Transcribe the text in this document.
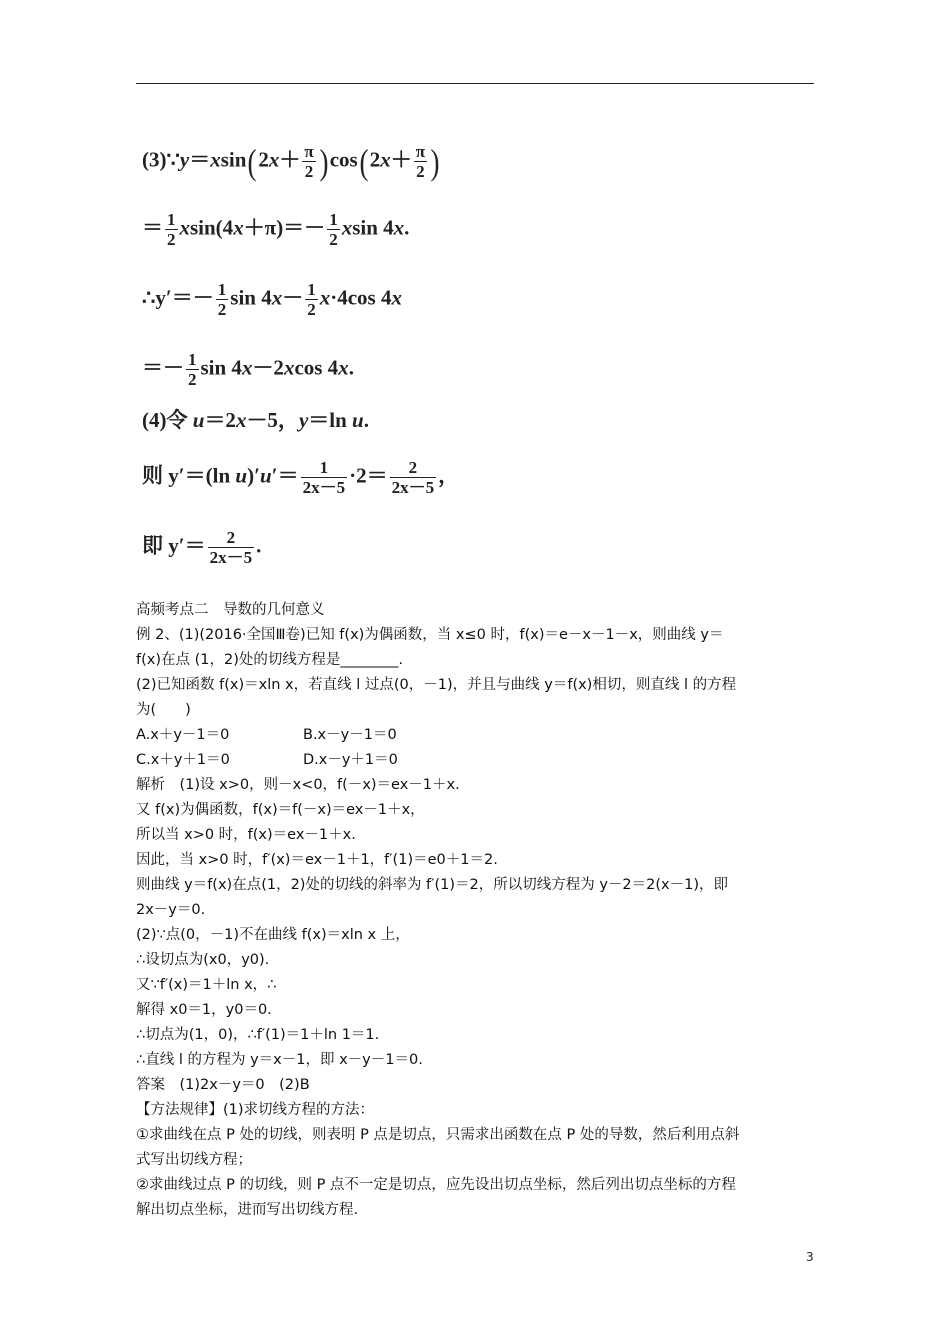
(3)∵y＝xsin(2x＋ $\frac{\pi}{2} )\cos(2x+ \frac{\pi}{2}$ )
＝ $\frac{1}{2} xsin(4x+\pi)=- \frac{1}{2}$ xsin 4x.
∴y′＝－ $\frac{1}{2}$ $\sin 4x- \frac{1}{2} x\cdot 4\cos$ 4x
＝－ $\frac{1}{2}$ sin 4x－2xcos 4x.
(4)令 u＝2x－5，y＝ln u.
则 y′＝(ln $u)'u'= \frac{1}{2x-5} \cdot 2= \frac{2}{2x-5}$ ，
即 $y'= \frac{2}{2x-5}$ .
高频考点二　导数的几何意义
例 2、(1)(2016·全国Ⅲ卷)已知 f(x)为偶函数，当 x≤0 时，f(x)＝e－x－1－x，则曲线 y＝
f(x)在点 (1，2)处的切线方程是________.
(2)已知函数 f(x)＝xln x，若直线 l 过点(0，－1)，并且与曲线 y＝f(x)相切，则直线 l 的方程
为(　　)
A.x＋y－1＝0	B.x－y－1＝0
C.x＋y＋1＝0	D.x－y＋1＝0
解析　(1)设 x>0，则－x<0，f(－x)＝ex－1＋x.
又 f(x)为偶函数，f(x)＝f(－x)＝ex－1＋x，
所以当 x>0 时，f(x)＝ex－1＋x.
因此，当 x>0 时，f′(x)＝ex－1＋1，f′(1)＝e0＋1＝2.
则曲线 y＝f(x)在点(1，2)处的切线的斜率为 f′(1)＝2，所以切线方程为 y－2＝2(x－1)，即
2x－y＝0.
(2)∵点(0，－1)不在曲线 f(x)＝xln x 上，
∴设切点为(x0，y0).
又∵f′(x)＝1＋ln x，∴
解得 x0＝1，y0＝0.
∴切点为(1，0)，∴f′(1)＝1＋ln 1＝1.
∴直线 l 的方程为 y＝x－1，即 x－y－1＝0.
答案　(1)2x－y＝0　(2)B
【方法规律】(1)求切线方程的方法：
①求曲线在点 P 处的切线，则表明 P 点是切点，只需求出函数在点 P 处的导数，然后利用点斜
式写出切线方程；
②求曲线过点 P 的切线，则 P 点不一定是切点，应先设出切点坐标，然后列出切点坐标的方程
解出切点坐标，进而写出切线方程.
3
